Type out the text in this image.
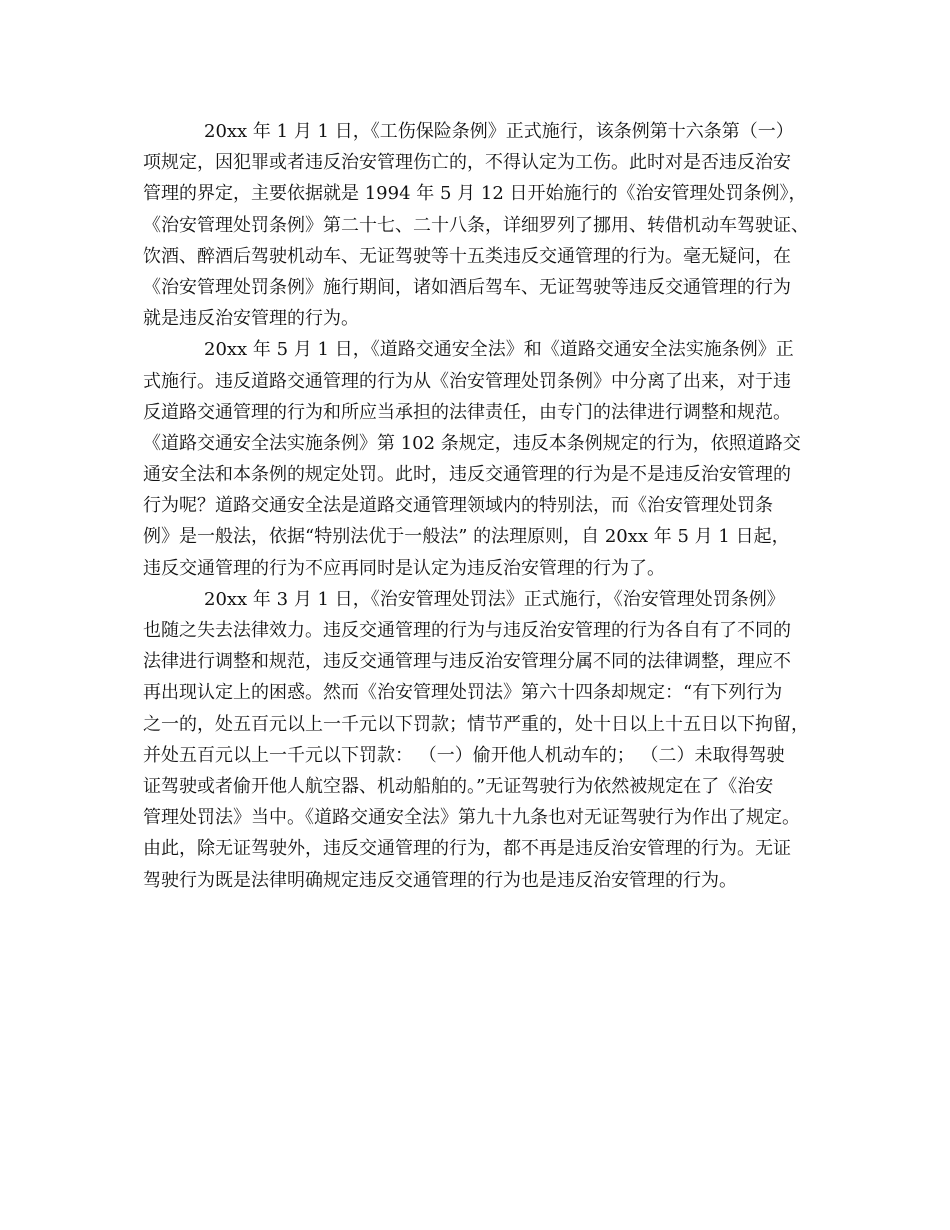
20xx 年 1 月 1 日，《工伤保险条例》正式施行，该条例第十六条第（一）
项规定，因犯罪或者违反治安管理伤亡的，不得认定为工伤。此时对是否违反治安
管理的界定，主要依据就是 1994 年 5 月 12 日开始施行的《治安管理处罚条例》，
《治安管理处罚条例》第二十七、二十八条，详细罗列了挪用、转借机动车驾驶证、
饮酒、醉酒后驾驶机动车、无证驾驶等十五类违反交通管理的行为。毫无疑问，在
《治安管理处罚条例》施行期间，诸如酒后驾车、无证驾驶等违反交通管理的行为
就是违反治安管理的行为。
20xx 年 5 月 1 日，《道路交通安全法》和《道路交通安全法实施条例》正
式施行。违反道路交通管理的行为从《治安管理处罚条例》中分离了出来，对于违
反道路交通管理的行为和所应当承担的法律责任，由专门的法律进行调整和规范。
《道路交通安全法实施条例》第 102 条规定，违反本条例规定的行为，依照道路交
通安全法和本条例的规定处罚。此时，违反交通管理的行为是不是违反治安管理的
行为呢？道路交通安全法是道路交通管理领域内的特别法，而《治安管理处罚条
例》是一般法，依据“特别法优于一般法” 的法理原则，自 20xx 年 5 月 1 日起，
违反交通管理的行为不应再同时是认定为违反治安管理的行为了。
20xx 年 3 月 1 日，《治安管理处罚法》正式施行，《治安管理处罚条例》
也随之失去法律效力。违反交通管理的行为与违反治安管理的行为各自有了不同的
法律进行调整和规范，违反交通管理与违反治安管理分属不同的法律调整，理应不
再出现认定上的困惑。然而《治安管理处罚法》第六十四条却规定：“有下列行为
之一的，处五百元以上一千元以下罚款；情节严重的，处十日以上十五日以下拘留，
并处五百元以上一千元以下罚款： （一）偷开他人机动车的； （二）未取得驾驶
证驾驶或者偷开他人航空器、机动船舶的。”无证驾驶行为依然被规定在了《治安
管理处罚法》当中。《道路交通安全法》第九十九条也对无证驾驶行为作出了规定。
由此，除无证驾驶外，违反交通管理的行为，都不再是违反治安管理的行为。无证
驾驶行为既是法律明确规定违反交通管理的行为也是违反治安管理的行为。
